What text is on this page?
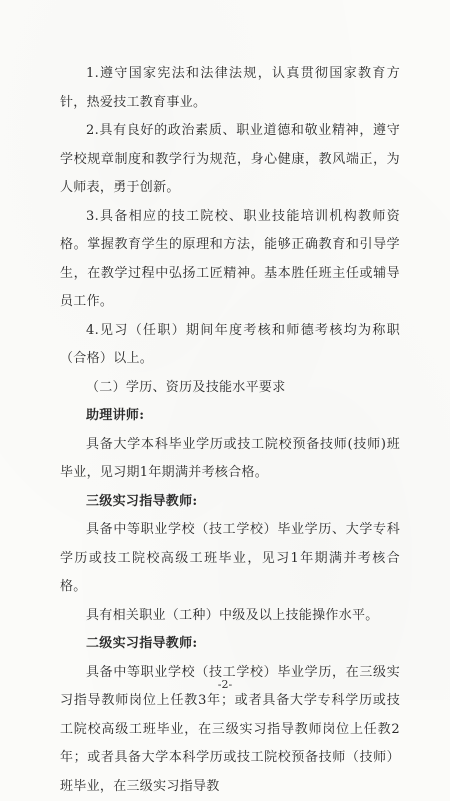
1.遵守国家宪法和法律法规，认真贯彻国家教育方针，热爱技工教育事业。

2.具有良好的政治素质、职业道德和敬业精神，遵守学校规章制度和教学行为规范，身心健康，教风端正，为人师表，勇于创新。

3.具备相应的技工院校、职业技能培训机构教师资格。掌握教育学生的原理和方法，能够正确教育和引导学生，在教学过程中弘扬工匠精神。基本胜任班主任或辅导员工作。

4.见习（任职）期间年度考核和师德考核均为称职（合格）以上。

（二）学历、资历及技能水平要求

助理讲师:

具备大学本科毕业学历或技工院校预备技师(技师)班毕业，见习期1年期满并考核合格。

三级实习指导教师:

具备中等职业学校（技工学校）毕业学历、大学专科学历或技工院校高级工班毕业，见习1年期满并考核合格。

具有相关职业（工种）中级及以上技能操作水平。

二级实习指导教师:

具备中等职业学校（技工学校）毕业学历，在三级实习指导教师岗位上任教3年；或者具备大学专科学历或技工院校高级工班毕业，在三级实习指导教师岗位上任教2年；或者具备大学本科学历或技工院校预备技师（技师）班毕业，在三级实习指导教

-2-
